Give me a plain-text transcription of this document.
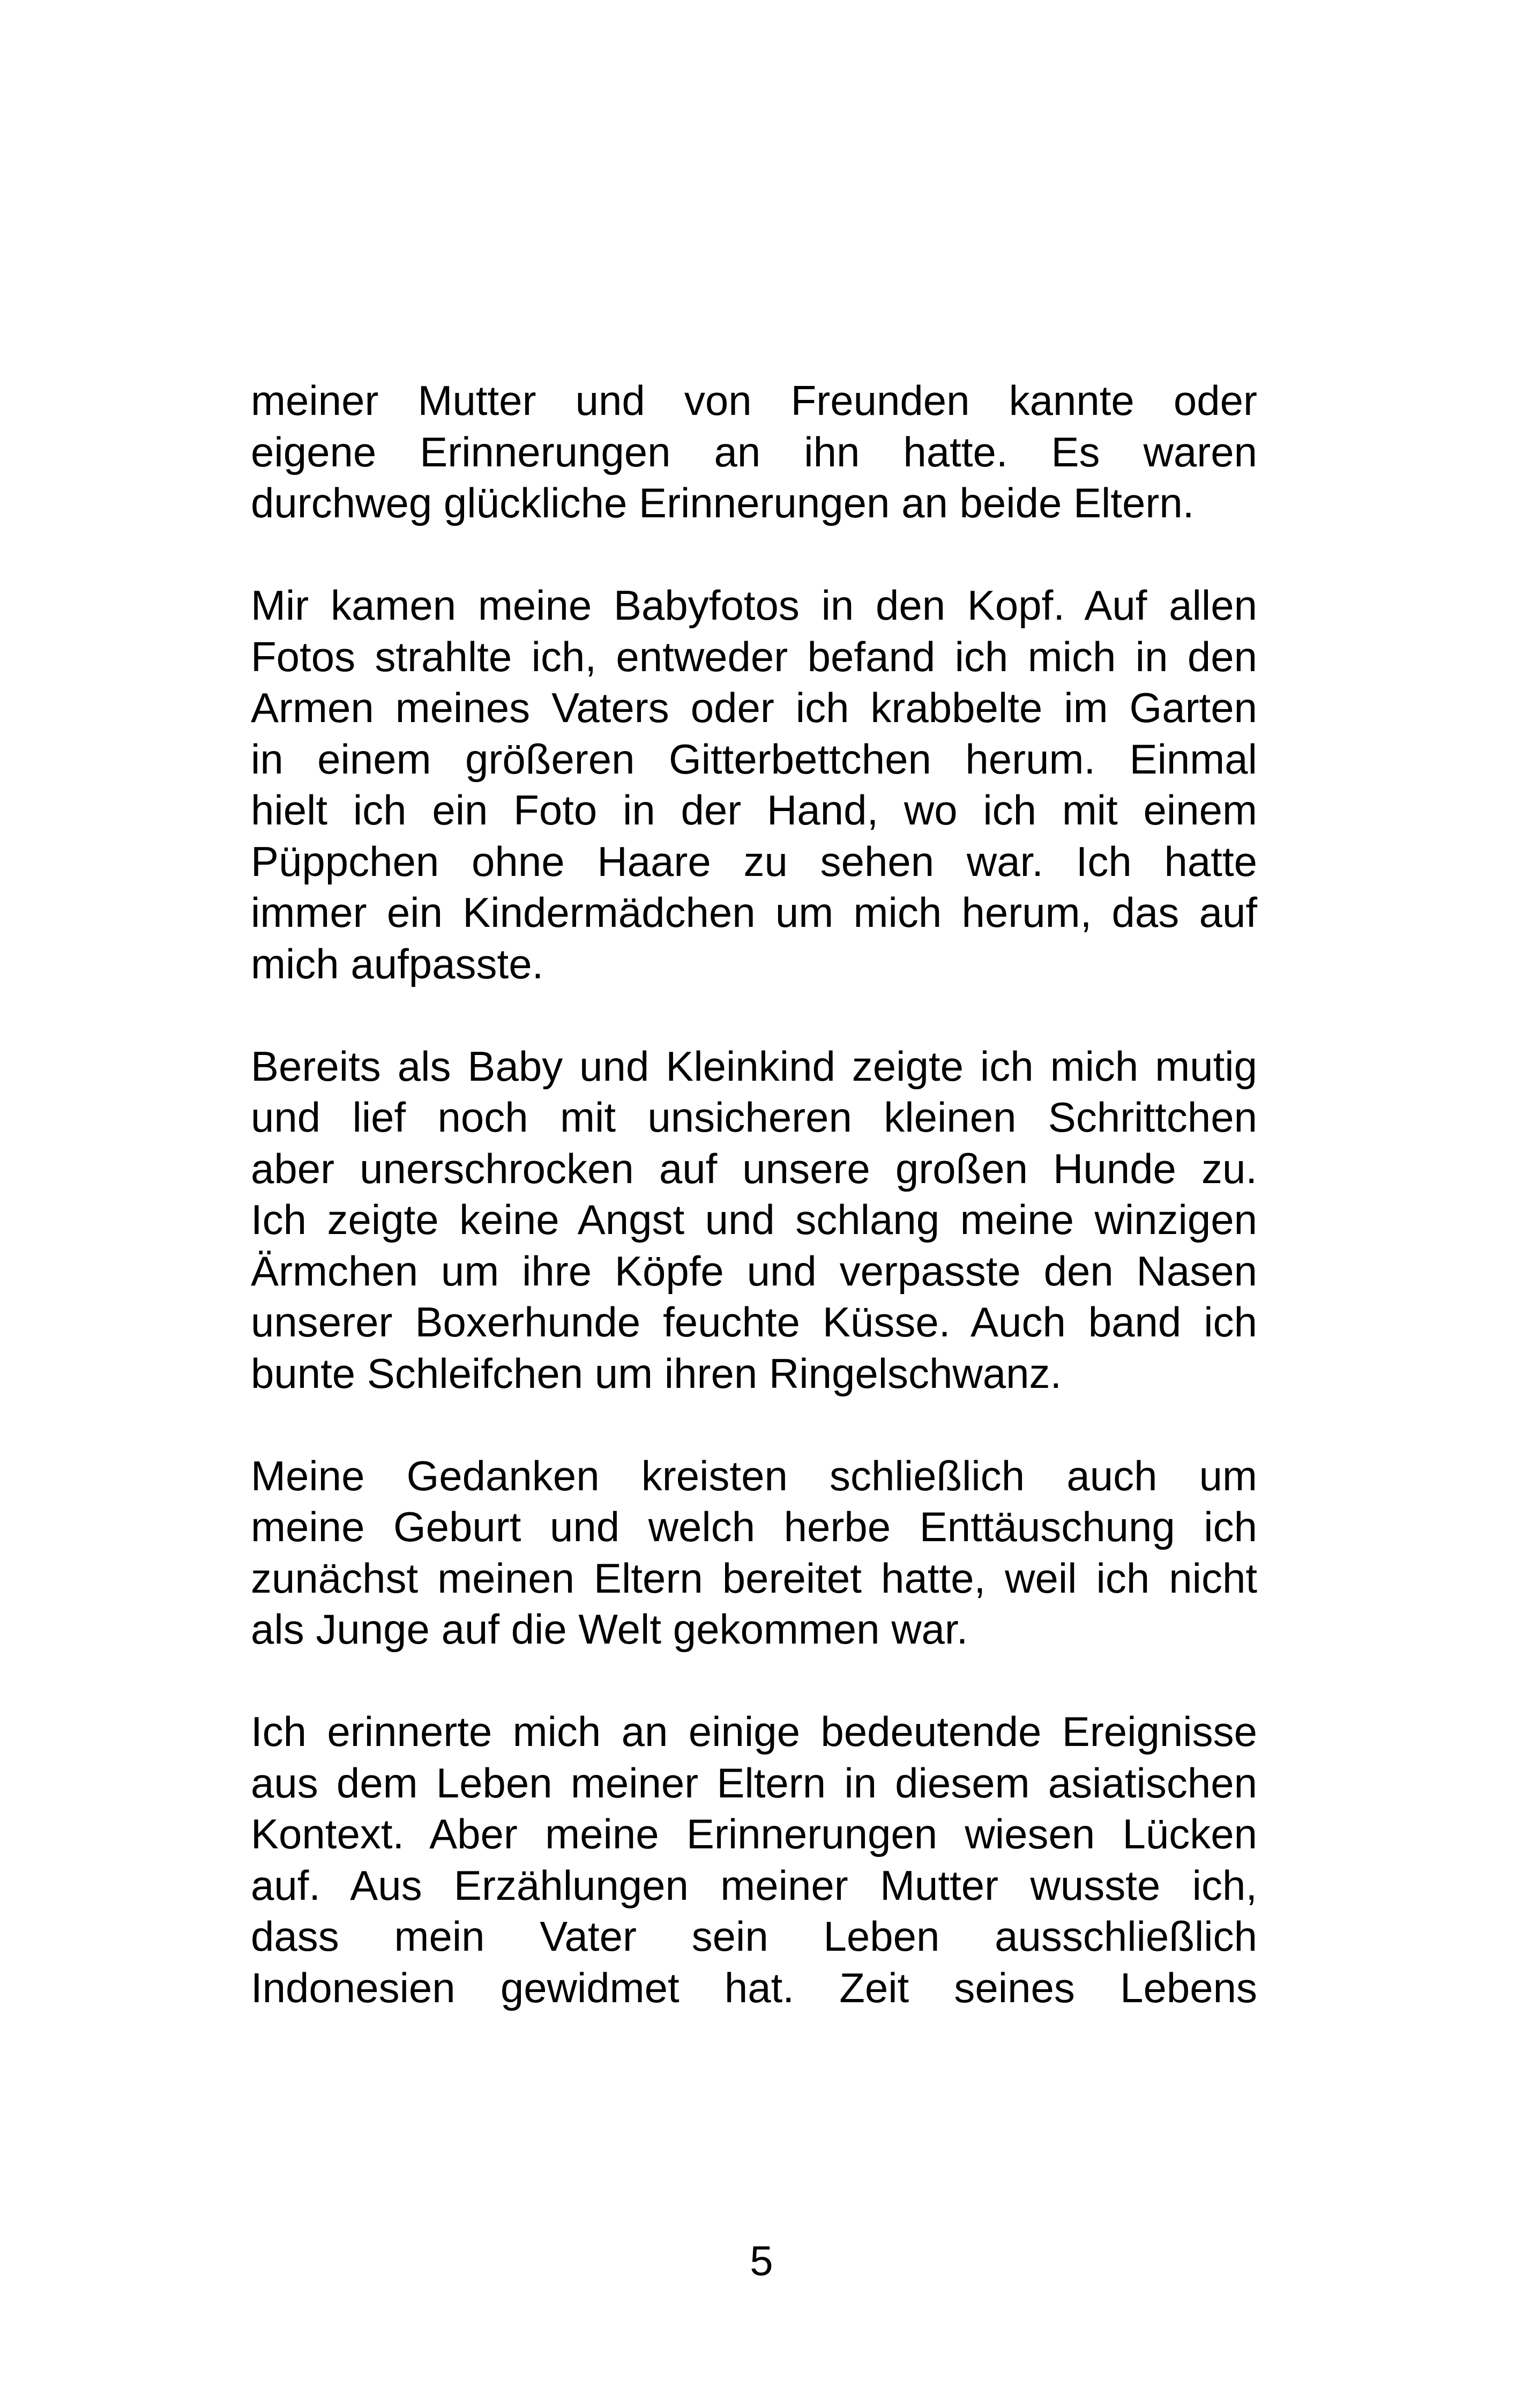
meiner Mutter und von Freunden kannte oder
eigene Erinnerungen an ihn hatte. Es waren
durchweg glückliche Erinnerungen an beide Eltern.
Mir kamen meine Babyfotos in den Kopf. Auf allen
Fotos strahlte ich, entweder befand ich mich in den
Armen meines Vaters oder ich krabbelte im Garten
in einem größeren Gitterbettchen herum. Einmal
hielt ich ein Foto in der Hand, wo ich mit einem
Püppchen ohne Haare zu sehen war. Ich hatte
immer ein Kindermädchen um mich herum, das auf
mich aufpasste.
Bereits als Baby und Kleinkind zeigte ich mich mutig
und lief noch mit unsicheren kleinen Schrittchen
aber unerschrocken auf unsere großen Hunde zu.
Ich zeigte keine Angst und schlang meine winzigen
Ärmchen um ihre Köpfe und verpasste den Nasen
unserer Boxerhunde feuchte Küsse. Auch band ich
bunte Schleifchen um ihren Ringelschwanz.
Meine Gedanken kreisten schließlich auch um
meine Geburt und welch herbe Enttäuschung ich
zunächst meinen Eltern bereitet hatte, weil ich nicht
als Junge auf die Welt gekommen war.
Ich erinnerte mich an einige bedeutende Ereignisse
aus dem Leben meiner Eltern in diesem asiatischen
Kontext. Aber meine Erinnerungen wiesen Lücken
auf. Aus Erzählungen meiner Mutter wusste ich,
dass mein Vater sein Leben ausschließlich
Indonesien gewidmet hat. Zeit seines Lebens
5
